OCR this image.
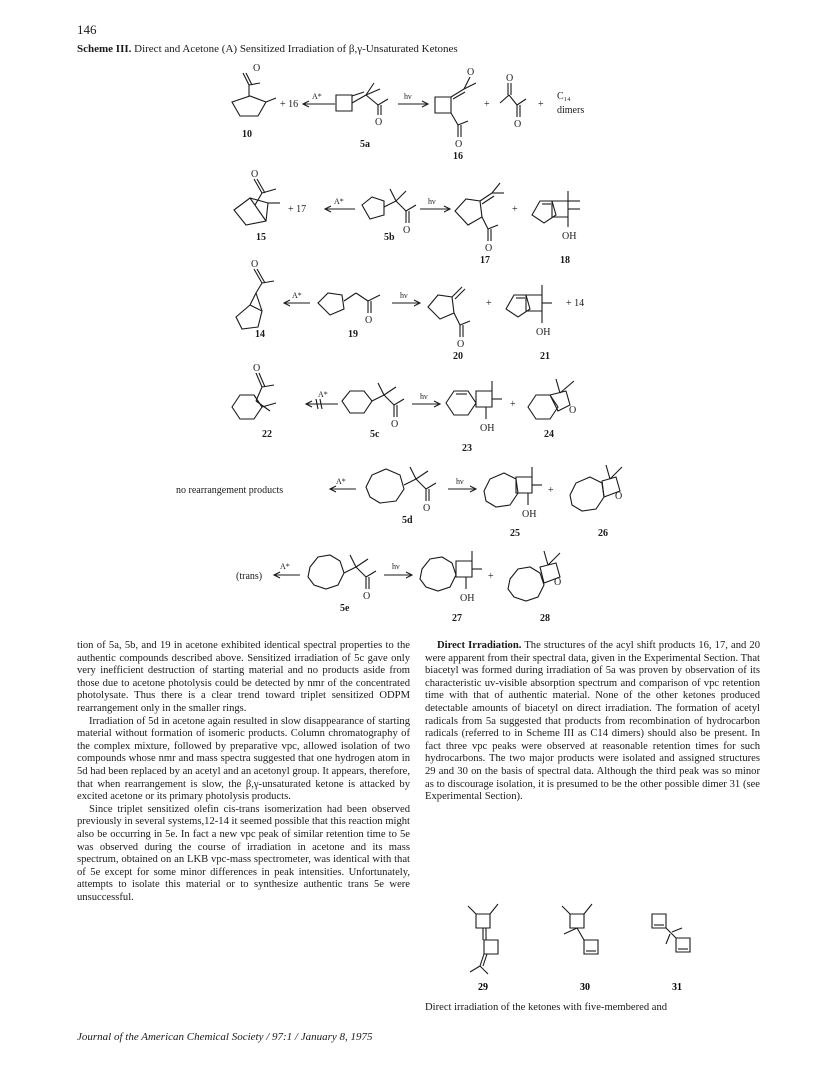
146
Scheme III. Direct and Acetone (A) Sensitized Irradiation of β,γ-Unsaturated Ketones
O
+ 16
A*	hν
O
O
+
O
O
O
+
C₁₄
dimers
10
5a
16
O
+ 17
A*	hν
O
+
O
OH
15	5b
17	18
O
A*	hν
O
+
O
OH
+ 14
14	19
20	21
O
A*	hν
O
+
OH
O
22	5c
23
24
no rearrangement products
A*	hν
O
+
OH
O
5d
25	26
(trans)
A*	hν
O
+
OH
O
5e
27	28

tion of 5a, 5b, and 19 in acetone exhibited identical spectral properties to the authentic compounds described above. Sensitized irradiation of 5c gave only very inefficient destruction of starting material and no products aside from those due to acetone photolysis could be detected by nmr of the concentrated photolysate. Thus there is a clear trend toward triplet sensitized ODPM rearrangement only in the smaller rings.

Irradiation of 5d in acetone again resulted in slow disappearance of starting material without formation of isomeric products. Column chromatography of the complex mixture, followed by preparative vpc, allowed isolation of two compounds whose nmr and mass spectra suggested that one hydrogen atom in 5d had been replaced by an acetyl and an acetonyl group. It appears, therefore, that when rearrangement is slow, the β,γ-unsaturated ketone is attacked by excited acetone or its primary photolysis products.

Since triplet sensitized olefin cis-trans isomerization had been observed previously in several systems,12-14 it seemed possible that this reaction might also be occurring in 5e. In fact a new vpc peak of similar retention time to 5e was observed during the course of irradiation in acetone and its mass spectrum, obtained on an LKB vpc-mass spectrometer, was identical with that of 5e except for some minor differences in peak intensities. Unfortunately, attempts to isolate this material or to synthesize authentic trans 5e were unsuccessful.

Direct Irradiation. The structures of the acyl shift products 16, 17, and 20 were apparent from their spectral data, given in the Experimental Section. That biacetyl was formed during irradiation of 5a was proven by observation of its characteristic uv-visible absorption spectrum and comparison of vpc retention time with that of authentic material. None of the other ketones produced detectable amounts of biacetyl on direct irradiation. The formation of acetyl radicals from 5a suggested that products from recombination of hydrocarbon radicals (referred to in Scheme III as C14 dimers) should also be present. In fact three vpc peaks were observed at reasonable retention times for such hydrocarbons. The two major products were isolated and assigned structures 29 and 30 on the basis of spectral data. Although the third peak was so minor as to discourage isolation, it is presumed to be the other possible dimer 31 (see Experimental Section).

29	30	31
Direct irradiation of the ketones with five-membered and
Journal of the American Chemical Society / 97:1 / January 8, 1975
